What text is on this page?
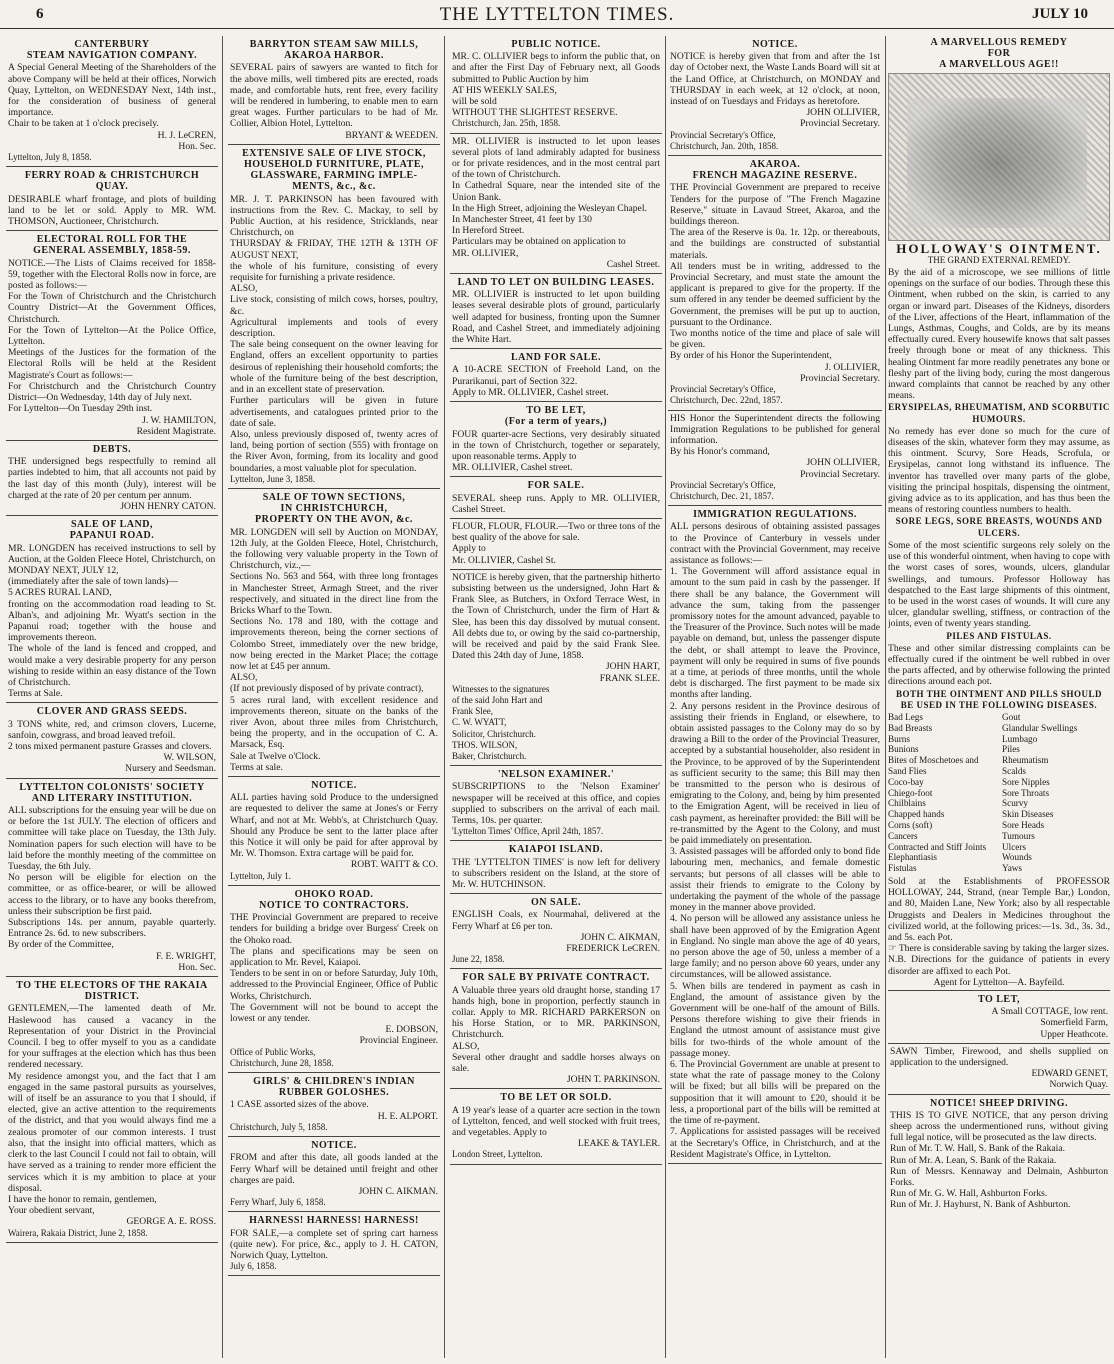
6	THE LYTTELTON TIMES.	JULY 10
CANTERBURY
STEAM NAVIGATION COMPANY.

A Special General Meeting of the Shareholders of the above Company will be held at their offices, Norwich Quay, Lyttelton, on WEDNESDAY Next, 14th inst., for the consideration of business of general importance.
Chair to be taken at 1 o'clock precisely.

H. J. LeCREN,
Hon. Sec.

Lyttelton, July 8, 1858.

FERRY ROAD & CHRISTCHURCH
QUAY.

DESIRABLE wharf frontage, and plots of building land to be let or sold. Apply to MR. WM. THOMSON, Auctioneer, Christchurch.

ELECTORAL ROLL FOR THE
GENERAL ASSEMBLY, 1858-59.

NOTICE.—The Lists of Claims received for 1858-59, together with the Electoral Rolls now in force, are posted as follows:—
For the Town of Christchurch and the Christchurch Country District—At the Government Offices, Christchurch.
For the Town of Lyttelton—At the Police Office, Lyttelton.
Meetings of the Justices for the formation of the Electoral Rolls will be held at the Resident Magistrate's Court as follows:—
For Christchurch and the Christchurch Country District—On Wednesday, 14th day of July next.
For Lyttelton—On Tuesday 29th inst.

J. W. HAMILTON,
Resident Magistrate.

DEBTS.

THE undersigned begs respectfully to remind all parties indebted to him, that all accounts not paid by the last day of this month (July), interest will be charged at the rate of 20 per centum per annum.

JOHN HENRY CATON.

SALE OF LAND,
PAPANUI ROAD.

MR. LONGDEN has received instructions to sell by Auction, at the Golden Fleece Hotel, Christchurch, on
MONDAY NEXT, JULY 12,
(immediately after the sale of town lands)—
5 ACRES RURAL LAND,
fronting on the accommodation road leading to St. Alban's, and adjoining Mr. Wyatt's section in the Papanui road; together with the house and improvements thereon.
The whole of the land is fenced and cropped, and would make a very desirable property for any person wishing to reside within an easy distance of the Town of Christchurch.
Terms at Sale.

CLOVER AND GRASS SEEDS.

3 TONS white, red, and crimson clovers, Lucerne, sanfoin, cowgrass, and broad leaved trefoil.
2 tons mixed permanent pasture Grasses and clovers.

W. WILSON,
Nursery and Seedsman.

LYTTELTON COLONISTS' SOCIETY
AND LITERARY INSTITUTION.

ALL subscriptions for the ensuing year will be due on or before the 1st JULY. The election of officers and committee will take place on Tuesday, the 13th July. Nomination papers for such election will have to be laid before the monthly meeting of the committee on Tuesday, the 6th July.
No person will be eligible for election on the committee, or as office-bearer, or will be allowed access to the library, or to have any books therefrom, unless their subscription be first paid.
Subscriptions 14s. per annum, payable quarterly. Entrance 2s. 6d. to new subscribers.
By order of the Committee,

F. E. WRIGHT,
Hon. Sec.

TO THE ELECTORS OF THE RAKAIA
DISTRICT.

GENTLEMEN,—The lamented death of Mr. Haslewood has caused a vacancy in the Representation of your District in the Provincial Council. I beg to offer myself to you as a candidate for your suffrages at the election which has thus been rendered necessary.
My residence amongst you, and the fact that I am engaged in the same pastoral pursuits as yourselves, will of itself be an assurance to you that I should, if elected, give an active attention to the requirements of the district, and that you would always find me a zealous promoter of our common interests. I trust also, that the insight into official matters, which as clerk to the last Council I could not fail to obtain, will have served as a training to render more efficient the services which it is my ambition to place at your disposal.
I have the honor to remain, gentlemen,
Your obedient servant,

GEORGE A. E. ROSS.

Wairera, Rakaia District, June 2, 1858.

BARRYTON STEAM SAW MILLS,
AKAROA HARBOR.

SEVERAL pairs of sawyers are wanted to fitch for the above mills, well timbered pits are erected, roads made, and comfortable huts, rent free, every facility will be rendered in lumbering, to enable men to earn great wages. Further particulars to be had of Mr. Collier, Albion Hotel, Lyttelton.

BRYANT & WEEDEN.

EXTENSIVE SALE OF LIVE STOCK,
HOUSEHOLD FURNITURE, PLATE,
GLASSWARE, FARMING IMPLE-
MENTS, &c., &c.

MR. J. T. PARKINSON has been favoured with instructions from the Rev. C. Mackay, to sell by Public Auction, at his residence, Stricklands, near Christchurch, on
THURSDAY & FRIDAY, THE 12TH & 13TH OF AUGUST NEXT,
the whole of his furniture, consisting of every requisite for furnishing a private residence.
ALSO,
Live stock, consisting of milch cows, horses, poultry, &c.
Agricultural implements and tools of every description.
The sale being consequent on the owner leaving for England, offers an excellent opportunity to parties desirous of replenishing their household comforts; the whole of the furniture being of the best description, and in an excellent state of preservation.
Further particulars will be given in future advertisements, and catalogues printed prior to the date of sale.
Also, unless previously disposed of, twenty acres of land, being portion of section (555) with frontage on the River Avon, forming, from its locality and good boundaries, a most valuable plot for speculation.

Lyttelton, June 3, 1858.

SALE OF TOWN SECTIONS,
IN CHRISTCHURCH,
PROPERTY ON THE AVON, &c.

MR. LONGDEN will sell by Auction on MONDAY, 12th July, at the Golden Fleece, Hotel, Christchurch, the following very valuable property in the Town of Christchurch, viz.,—
Sections No. 563 and 564, with three long frontages in Manchester Street, Armagh Street, and the river respectively, and situated in the direct line from the Bricks Wharf to the Town.
Sections No. 178 and 180, with the cottage and improvements thereon, being the corner sections of Colombo Street, immediately over the new bridge, now being erected in the Market Place; the cottage now let at £45 per annum.
ALSO,
(If not previously disposed of by private contract),
5 acres rural land, with excellent residence and improvements thereon, situate on the banks of the river Avon, about three miles from Christchurch, being the property, and in the occupation of C. A. Marsack, Esq.
Sale at Twelve o'Clock.
Terms at sale.

NOTICE.

ALL parties having sold Produce to the undersigned are requested to deliver the same at Jones's or Ferry Wharf, and not at Mr. Webb's, at Christchurch Quay. Should any Produce be sent to the latter place after this Notice it will only be paid for after approval by Mr. W. Thomson. Extra cartage will be paid for.

ROBT. WAITT & CO.

Lyttelton, July 1.

OHOKO ROAD.
NOTICE TO CONTRACTORS.

THE Provincial Government are prepared to receive tenders for building a bridge over Burgess' Creek on the Ohoko road.
The plans and specifications may be seen on application to Mr. Revel, Kaiapoi.
Tenders to be sent in on or before Saturday, July 10th, addressed to the Provincial Engineer, Office of Public Works, Christchurch.
The Government will not be bound to accept the lowest or any tender.

E. DOBSON,
Provincial Engineer.

Office of Public Works,
Christchurch, June 28, 1858.

GIRLS' & CHILDREN'S INDIAN
RUBBER GOLOSHES.

1 CASE assorted sizes of the above.

H. E. ALPORT.

Christchurch, July 5, 1858.

NOTICE.

FROM and after this date, all goods landed at the Ferry Wharf will be detained until freight and other charges are paid.

JOHN C. AIKMAN.

Ferry Wharf, July 6, 1858.

HARNESS! HARNESS! HARNESS!

FOR SALE,—a complete set of spring cart harness (quite new). For price, &c., apply to J. H. CATON, Norwich Quay, Lyttelton.

July 6, 1858.

PUBLIC NOTICE.

MR. C. OLLIVIER begs to inform the public that, on and after the First Day of February next, all Goods submitted to Public Auction by him
AT HIS WEEKLY SALES,
will be sold
WITHOUT THE SLIGHTEST RESERVE.

Christchurch, Jan. 25th, 1858.

MR. OLLIVIER is instructed to let upon leases several plots of land admirably adapted for business or for private residences, and in the most central part of the town of Christchurch.
In Cathedral Square, near the intended site of the Union Bank.
In the High Street, adjoining the Wesleyan Chapel.
In Manchester Street, 41 feet by 130
In Hereford Street.
Particulars may be obtained on application to
MR. OLLIVIER,

Cashel Street.

LAND TO LET ON BUILDING LEASES.

MR. OLLIVIER is instructed to let upon building leases several desirable plots of ground, particularly well adapted for business, fronting upon the Sumner Road, and Cashel Street, and immediately adjoining the White Hart.

LAND FOR SALE.

A 10-ACRE SECTION of Freehold Land, on the Purarikanui, part of Section 322.
Apply to MR. OLLIVIER, Cashel street.

TO BE LET,
(For a term of years,)

FOUR quarter-acre Sections, very desirably situated in the town of Christchurch, together or separately, upon reasonable terms. Apply to
MR. OLLIVIER, Cashel street.

FOR SALE.

SEVERAL sheep runs. Apply to MR. OLLIVIER, Cashel Street.

FLOUR, FLOUR, FLOUR.—Two or three tons of the best quality of the above for sale.
Apply to
Mr. OLLIVIER, Cashel St.

NOTICE is hereby given, that the partnership hitherto subsisting between us the undersigned, John Hart & Frank Slee, as Butchers, in Oxford Terrace West, in the Town of Christchurch, under the firm of Hart & Slee, has been this day dissolved by mutual consent. All debts due to, or owing by the said co-partnership, will be received and paid by the said Frank Slee. Dated this 24th day of June, 1858.

JOHN HART,
FRANK SLEE.

Witnesses to the signatures
of the said John Hart and
Frank Slee,
C. W. WYATT,
Solicitor, Christchurch.
THOS. WILSON,
Baker, Christchurch.

'NELSON EXAMINER.'

SUBSCRIPTIONS to the 'Nelson Examiner' newspaper will be received at this office, and copies supplied to subscribers on the arrival of each mail. Terms, 10s. per quarter.

'Lyttelton Times' Office, April 24th, 1857.

KAIAPOI ISLAND.

THE 'LYTTELTON TIMES' is now left for delivery to subscribers resident on the Island, at the store of Mr. W. HUTCHINSON.

ON SALE.

ENGLISH Coals, ex Nourmahal, delivered at the Ferry Wharf at £6 per ton.

JOHN C. AIKMAN,
FREDERICK LeCREN.

June 22, 1858.

FOR SALE BY PRIVATE CONTRACT.

A Valuable three years old draught horse, standing 17 hands high, bone in proportion, perfectly staunch in collar. Apply to MR. RICHARD PARKERSON on his Horse Station, or to MR. PARKINSON, Christchurch.
ALSO,
Several other draught and saddle horses always on sale.

JOHN T. PARKINSON.

TO BE LET OR SOLD.

A 19 year's lease of a quarter acre section in the town of Lyttelton, fenced, and well stocked with fruit trees, and vegetables. Apply to

LEAKE & TAYLER.

London Street, Lyttelton.

NOTICE.

NOTICE is hereby given that from and after the 1st day of October next, the Waste Lands Board will sit at the Land Office, at Christchurch, on MONDAY and THURSDAY in each week, at 12 o'clock, at noon, instead of on Tuesdays and Fridays as heretofore.

JOHN OLLIVIER,
Provincial Secretary.

Provincial Secretary's Office,
Christchurch, Jan. 20th, 1858.

AKAROA.
FRENCH MAGAZINE RESERVE.

THE Provincial Government are prepared to receive Tenders for the purpose of "The French Magazine Reserve," situate in Lavaud Street, Akaroa, and the buildings thereon.
The area of the Reserve is 0a. 1r. 12p. or thereabouts, and the buildings are constructed of substantial materials.
All tenders must be in writing, addressed to the Provincial Secretary, and must state the amount the applicant is prepared to give for the property. If the sum offered in any tender be deemed sufficient by the Government, the premises will be put up to auction, pursuant to the Ordinance.
Two months notice of the time and place of sale will be given.
By order of his Honor the Superintendent,

J. OLLIVIER,
Provincial Secretary.

Provincial Secretary's Office,
Christchurch, Dec. 22nd, 1857.

HIS Honor the Superintendent directs the following Immigration Regulations to be published for general information.
By his Honor's command,

JOHN OLLIVIER,
Provincial Secretary.

Provincial Secretary's Office,
Christchurch, Dec. 21, 1857.

IMMIGRATION REGULATIONS.

ALL persons desirous of obtaining assisted passages to the Province of Canterbury in vessels under contract with the Provincial Government, may receive assistance as follows:—
1. The Government will afford assistance equal in amount to the sum paid in cash by the passenger. If there shall be any balance, the Government will advance the sum, taking from the passenger promissory notes for the amount advanced, payable to the Treasurer of the Province. Such notes will be made payable on demand, but, unless the passenger dispute the debt, or shall attempt to leave the Province, payment will only be required in sums of five pounds at a time, at periods of three months, until the whole debt is discharged. The first payment to be made six months after landing.
2. Any persons resident in the Province desirous of assisting their friends in England, or elsewhere, to obtain assisted passages to the Colony may do so by drawing a Bill to the order of the Provincial Treasurer, accepted by a substantial householder, also resident in the Province, to be approved of by the Superintendent as sufficient security to the same; this Bill may then be transmitted to the person who is desirous of emigrating to the Colony, and, being by him presented to the Emigration Agent, will be received in lieu of cash payment, as hereinafter provided: the Bill will be re-transmitted by the Agent to the Colony, and must be paid immediately on presentation.
3. Assisted passages will be afforded only to bond fide labouring men, mechanics, and female domestic servants; but persons of all classes will be able to assist their friends to emigrate to the Colony by undertaking the payment of the whole of the passage money in the manner above provided.
4. No person will be allowed any assistance unless he shall have been approved of by the Emigration Agent in England. No single man above the age of 40 years, no person above the age of 50, unless a member of a large family; and no person above 60 years, under any circumstances, will be allowed assistance.
5. When bills are tendered in payment as cash in England, the amount of assistance given by the Government will be one-half of the amount of Bills. Persons therefore wishing to give their friends in England the utmost amount of assistance must give bills for two-thirds of the whole amount of the passage money.
6. The Provincial Government are unable at present to state what the rate of passage money to the Colony will be fixed; but all bills will be prepared on the supposition that it will amount to £20, should it be less, a proportional part of the bills will be remitted at the time of re-payment.
7. Applications for assisted passages will be received at the Secretary's Office, in Christchurch, and at the Resident Magistrate's Office, in Lyttelton.

A MARVELLOUS REMEDY
FOR
A MARVELLOUS AGE!!
HOLLOWAY'S OINTMENT.
THE GRAND EXTERNAL REMEDY.

By the aid of a microscope, we see millions of little openings on the surface of our bodies. Through these this Ointment, when rubbed on the skin, is carried to any organ or inward part. Diseases of the Kidneys, disorders of the Liver, affections of the Heart, inflammation of the Lungs, Asthmas, Coughs, and Colds, are by its means effectually cured. Every housewife knows that salt passes freely through bone or meat of any thickness. This healing Ointment far more readily penetrates any bone or fleshy part of the living body, curing the most dangerous inward complaints that cannot be reached by any other means.

ERYSIPELAS, RHEUMATISM, AND SCORBUTIC
HUMOURS.

No remedy has ever done so much for the cure of diseases of the skin, whatever form they may assume, as this ointment. Scurvy, Sore Heads, Scrofula, or Erysipelas, cannot long withstand its influence. The inventor has travelled over many parts of the globe, visiting the principal hospitals, dispensing the ointment, giving advice as to its application, and has thus been the means of restoring countless numbers to health.

SORE LEGS, SORE BREASTS, WOUNDS AND
ULCERS.

Some of the most scientific surgeons rely solely on the use of this wonderful ointment, when having to cope with the worst cases of sores, wounds, ulcers, glandular swellings, and tumours. Professor Holloway has despatched to the East large shipments of this ointment, to be used in the worst cases of wounds. It will cure any ulcer, glandular swelling, stiffness, or contraction of the joints, even of twenty years standing.

PILES AND FISTULAS.

These and other similar distressing complaints can be effectually cured if the ointment be well rubbed in over the parts affected, and by otherwise following the printed directions around each pot.

BOTH THE OINTMENT AND PILLS SHOULD
BE USED IN THE FOLLOWING DISEASES.
Bad Legs
Bad Breasts
Burns
Bunions
Bites of Moschetoes and Sand Flies
Coco-bay
Chiego-foot
Chilblains
Chapped hands
Corns (soft)
Cancers
Contracted and Stiff Joints
Elephantiasis
Fistulas
Gout
Glandular Swellings
Lumbago
Piles
Rheumatism
Scalds
Sore Nipples
Sore Throats
Scurvy
Skin Diseases
Sore Heads
Tumours
Ulcers
Wounds
Yaws

Sold at the Establishments of PROFESSOR HOLLOWAY, 244, Strand, (near Temple Bar,) London, and 80, Maiden Lane, New York; also by all respectable Druggists and Dealers in Medicines throughout the civilized world, at the following prices:—1s. 3d., 3s. 3d., and 5s. each Pot.
☞ There is considerable saving by taking the larger sizes.
N.B. Directions for the guidance of patients in every disorder are affixed to each Pot.

Agent for Lyttelton—A. Bayfeild.

TO LET,

A Small COTTAGE, low rent.
Somerfield Farm,
Upper Heathcote.

SAWN Timber, Firewood, and shells supplied on application to the undersigned.

EDWARD GENET,
Norwich Quay.

NOTICE! SHEEP DRIVING.

THIS IS TO GIVE NOTICE, that any person driving sheep across the undermentioned runs, without giving full legal notice, will be prosecuted as the law directs.
Run of Mr. T. W. Hall, S. Bank of the Rakaia.
Run of Mr. A. Lean, S. Bank of the Rakaia.
Run of Messrs. Kennaway and Delmain, Ashburton Forks.
Run of Mr. G. W. Hall, Ashburton Forks.
Run of Mr. J. Hayhurst, N. Bank of Ashburton.
